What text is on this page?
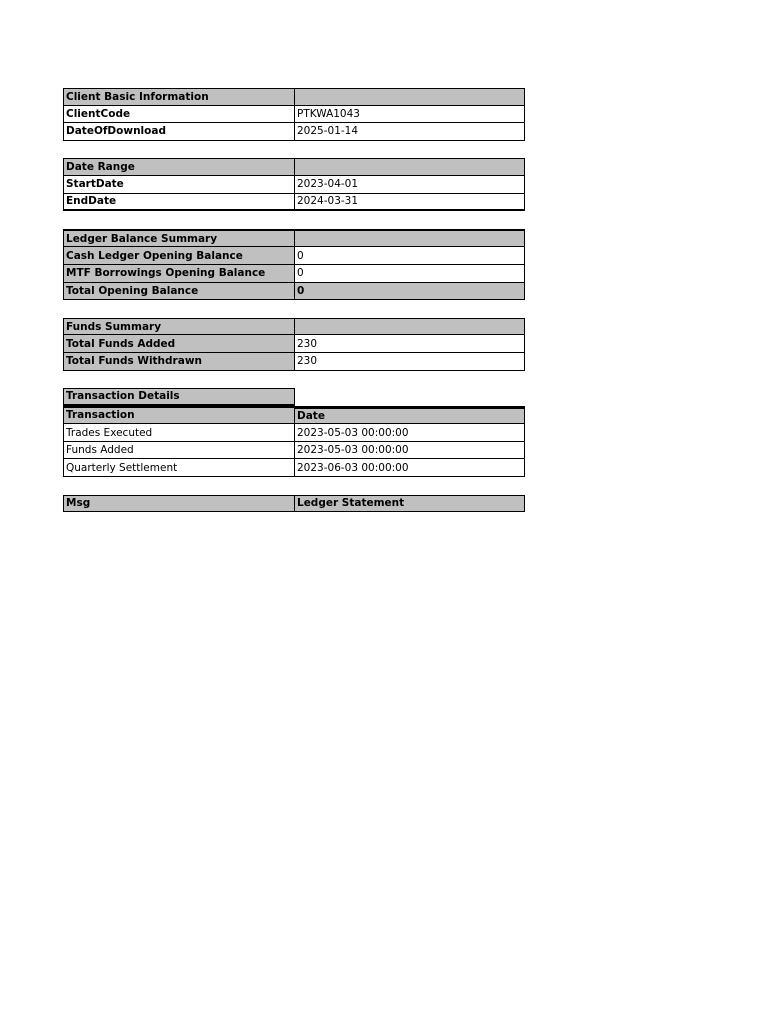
Client Basic Information
ClientCode	PTKWA1043
DateOfDownload	2025-01-14
Date Range
StartDate	2023-04-01
EndDate	2024-03-31
Ledger Balance Summary
Cash Ledger Opening Balance	0
MTF Borrowings Opening Balance	0
Total Opening Balance	0
Funds Summary
Total Funds Added	230
Total Funds Withdrawn	230
Transaction Details
Transaction	Date
Trades Executed	2023-05-03 00:00:00
Funds Added	2023-05-03 00:00:00
Quarterly Settlement	2023-06-03 00:00:00
Msg	Ledger Statement
